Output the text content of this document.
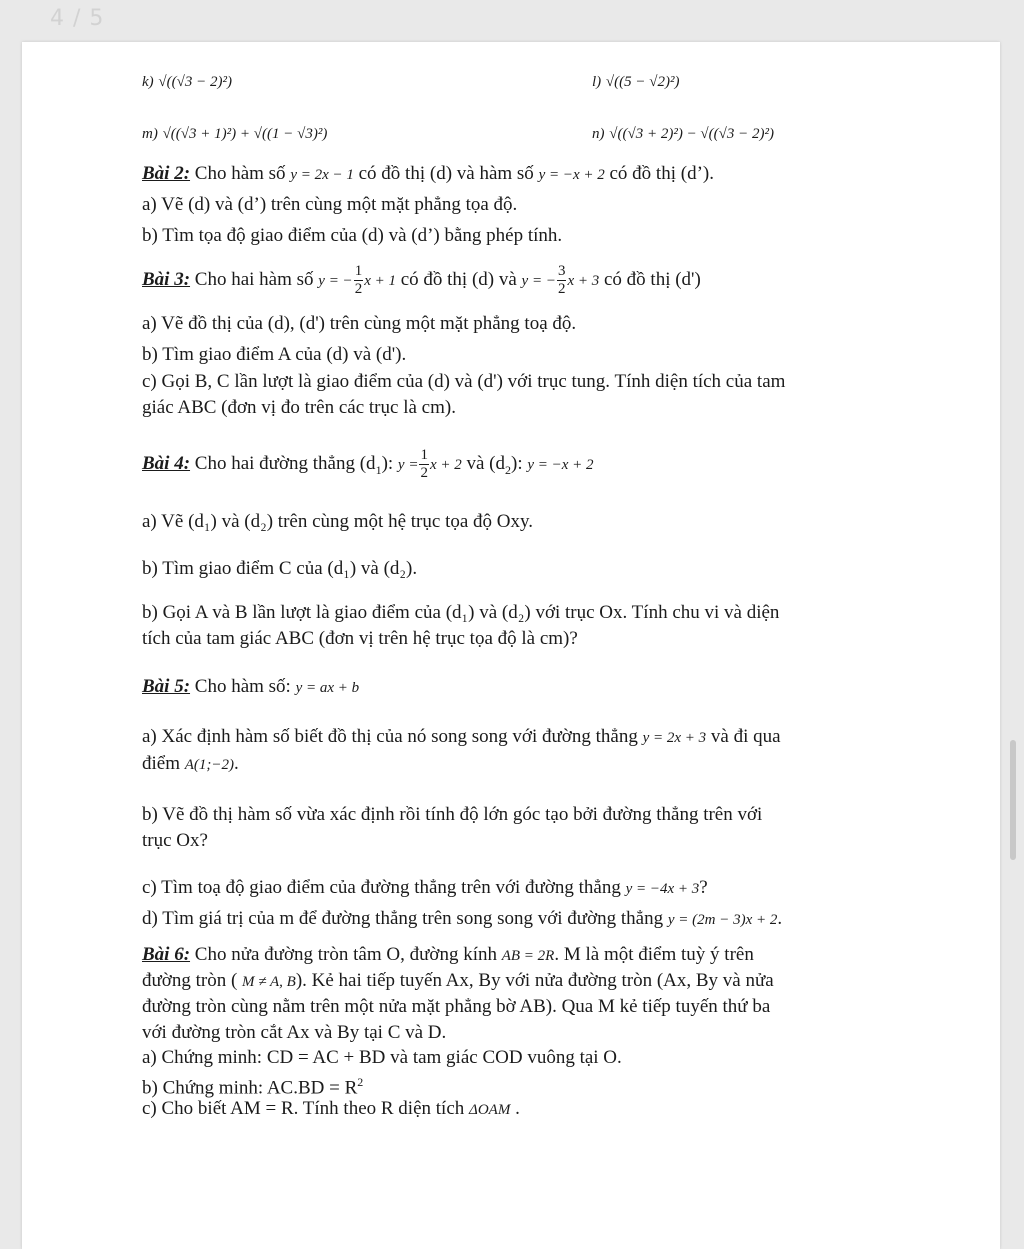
4 / 5
k) √((√3 − 2)²)	l) √((5 − √2)²)
m) √((√3 + 1)²) + √((1 − √3)²)	n) √((√3 + 2)²) − √((√3 − 2)²)
Bài 2: Cho hàm số y = 2x − 1 có đồ thị (d) và hàm số y = −x + 2 có đồ thị (d’).
a) Vẽ (d) và (d’) trên cùng một mặt phẳng tọa độ.
b) Tìm tọa độ giao điểm của (d) và (d’) bằng phép tính.
Bài 3: Cho hai hàm số y = − $\frac{1}{2}$ x + 1 có đồ thị (d) và y = − $\frac{3}{2}$ x + 3 có đồ thị (d')
a) Vẽ đồ thị của (d), (d') trên cùng một mặt phẳng toạ độ.
b) Tìm giao điểm A của (d) và (d').
c) Gọi B, C lần lượt là giao điểm của (d) và (d') với trục tung. Tính diện tích của tam
giác ABC (đơn vị đo trên các trục là cm).
Bài 4: Cho hai đường thẳng $(d_1)$: $y = \frac{1}{2}$ x + 2 và $(d_2)$: y = −x + 2
a) Vẽ (d₁) và (d₂) trên cùng một hệ trục tọa độ Oxy.
b) Tìm giao điểm C của (d₁) và (d₂).
b) Gọi A và B lần lượt là giao điểm của (d₁) và (d₂) với trục Ox. Tính chu vi và diện
tích của tam giác ABC (đơn vị trên hệ trục tọa độ là cm)?
Bài 5: Cho hàm số: y = ax + b
a) Xác định hàm số biết đồ thị của nó song song với đường thẳng y = 2x + 3 và đi qua
điểm A(1;−2).
b) Vẽ đồ thị hàm số vừa xác định rồi tính độ lớn góc tạo bởi đường thẳng trên với
trục Ox?
c) Tìm toạ độ giao điểm của đường thẳng trên với đường thẳng y = −4x + 3?
d) Tìm giá trị của m để đường thẳng trên song song với đường thẳng y = (2m − 3)x + 2.
Bài 6: Cho nửa đường tròn tâm O, đường kính AB = 2R. M là một điểm tuỳ ý trên
đường tròn ( M ≠ A, B). Kẻ hai tiếp tuyến Ax, By với nửa đường tròn (Ax, By và nửa
đường tròn cùng nằm trên một nửa mặt phẳng bờ AB). Qua M kẻ tiếp tuyến thứ ba
với đường tròn cắt Ax và By tại C và D.
a) Chứng minh: CD = AC + BD và tam giác COD vuông tại O.
b) Chứng minh: $AC.BD = R^2$
c) Cho biết AM = R. Tính theo R diện tích ΔOAM .
